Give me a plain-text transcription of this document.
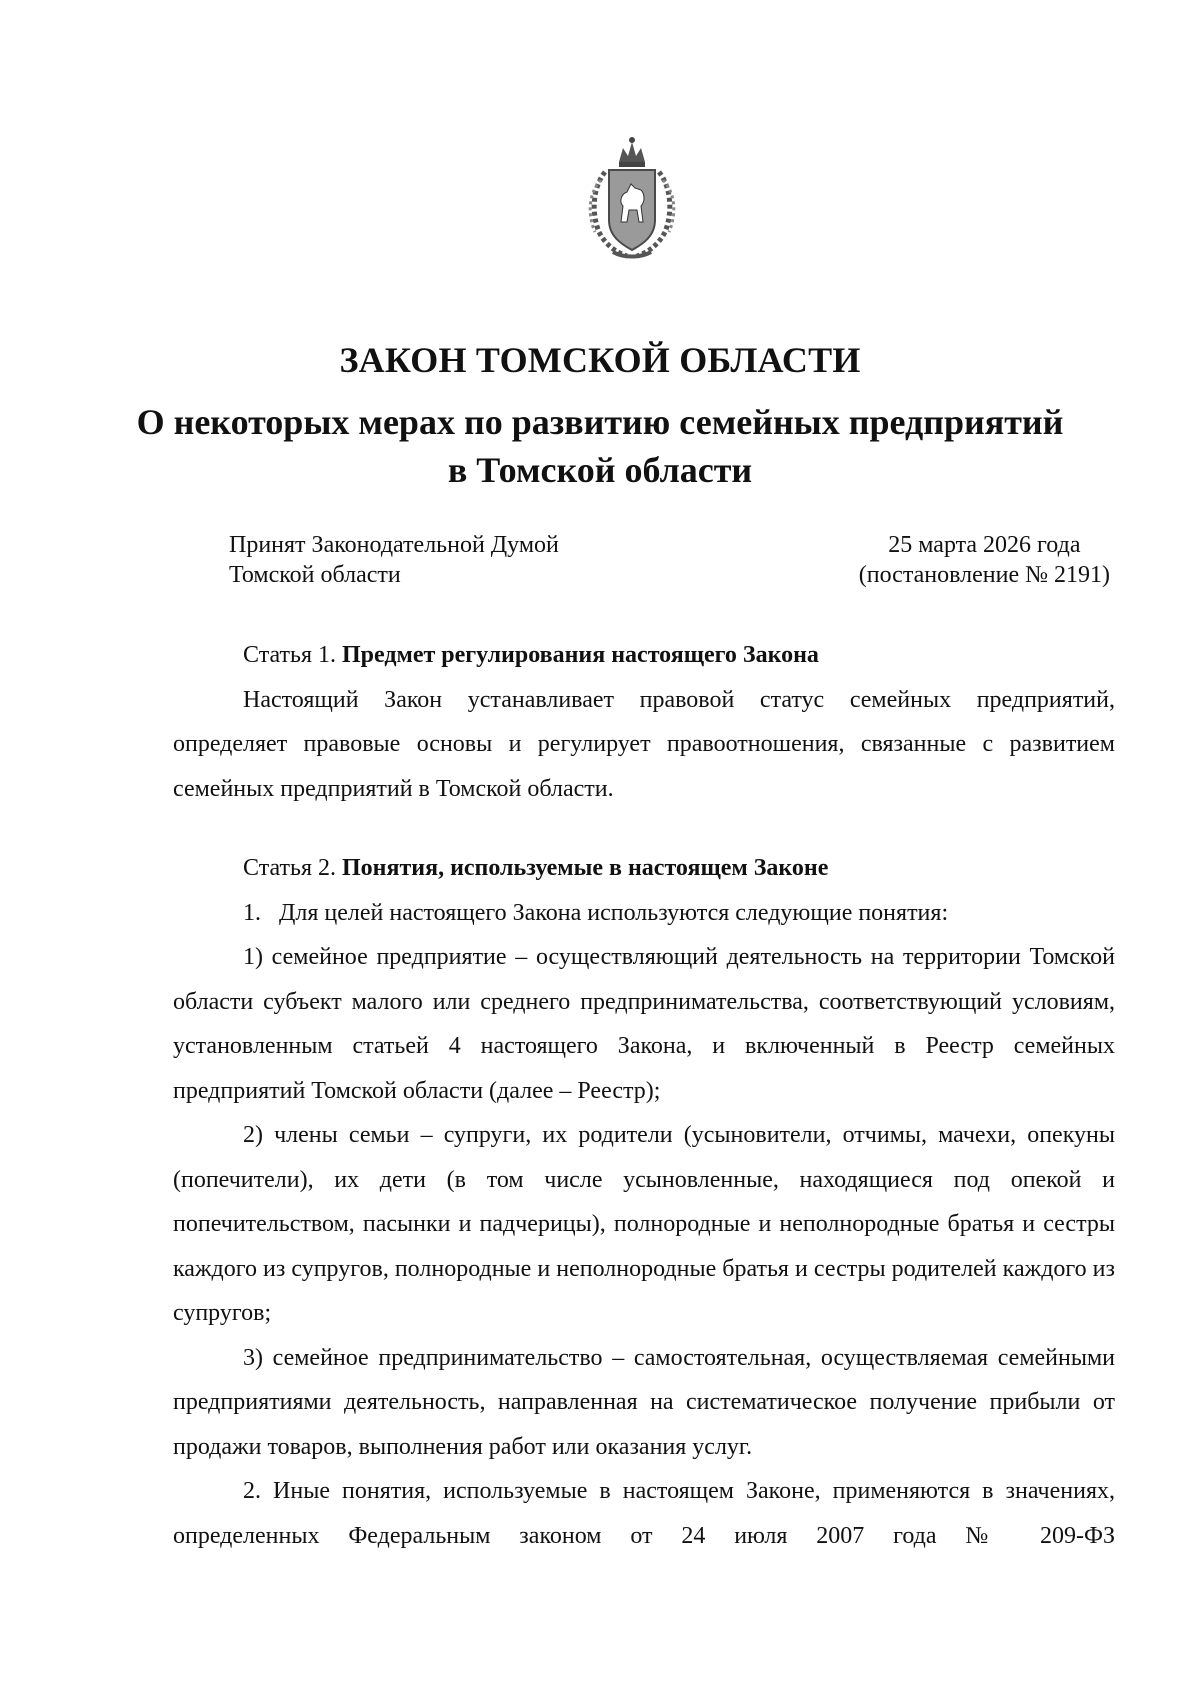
ЗАКОН ТОМСКОЙ ОБЛАСТИ
О некоторых мерах по развитию семейных предприятий
в Томской области
Принят Законодательной Думой
Томской области
25 марта 2026 года
(постановление № 2191)

Статья 1. Предмет регулирования настоящего Закона

Настоящий Закон устанавливает правовой статус семейных предприятий, определяет правовые основы и регулирует правоотношения, связанные с развитием семейных предприятий в Томской области.

Статья 2. Понятия, используемые в настоящем Законе

1.   Для целей настоящего Закона используются следующие понятия:

1) семейное предприятие – осуществляющий деятельность на территории Томской области субъект малого или среднего предпринимательства, соответствующий условиям, установленным статьей 4 настоящего Закона, и включенный в Реестр семейных предприятий Томской области (далее – Реестр);

2) члены семьи – супруги, их родители (усыновители, отчимы, мачехи, опекуны (попечители), их дети (в том числе усыновленные, находящиеся под опекой и попечительством, пасынки и падчерицы), полнородные и неполнородные братья и сестры каждого из супругов, полнородные и неполнородные братья и сестры родителей каждого из супругов;

3) семейное предпринимательство – самостоятельная, осуществляемая семейными предприятиями деятельность, направленная на систематическое получение прибыли от продажи товаров, выполнения работ или оказания услуг.

2. Иные понятия, используемые в настоящем Законе, применяются в значениях, определенных Федеральным законом от 24 июля 2007 года № 209-ФЗ
